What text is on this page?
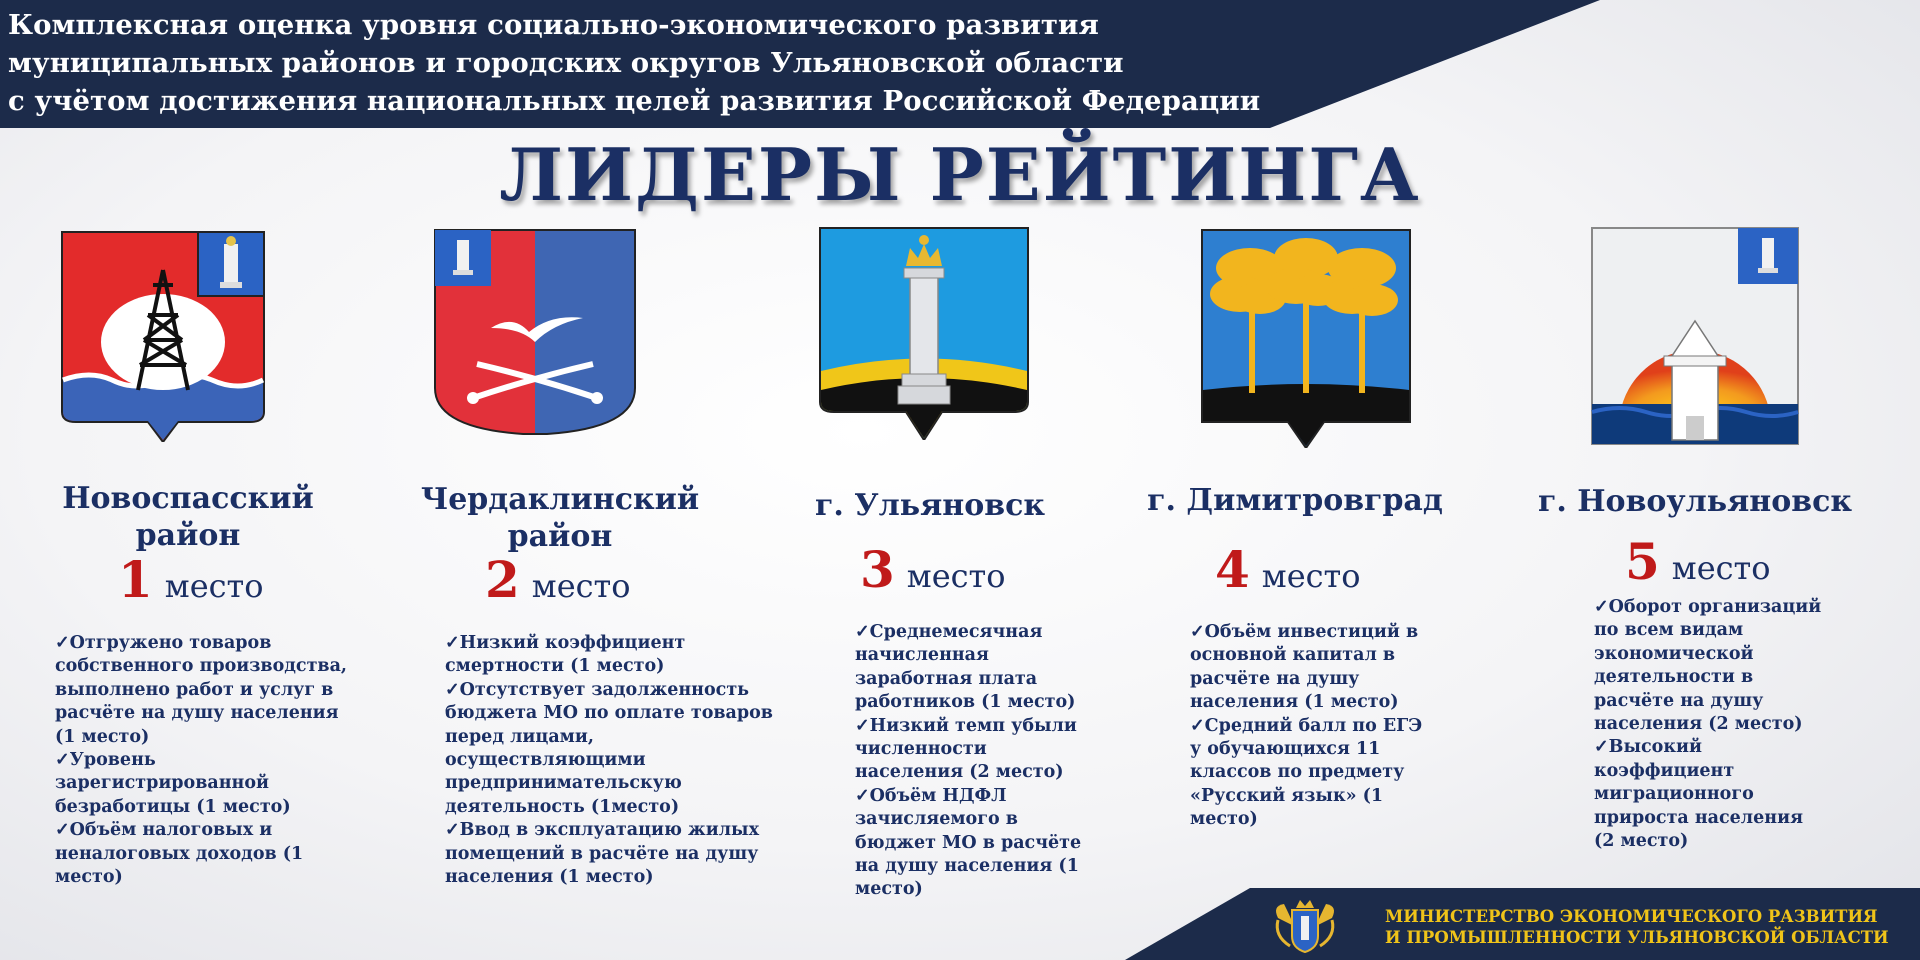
Комплексная оценка уровня социально-экономического развития
муниципальных районов и городских округов Ульяновской области
с учётом достижения национальных целей развития Российской Федерации
ЛИДЕРЫ РЕЙТИНГА
Новоспасский
район
1 место

✓Отгружено товаров собственного производства, выполнено работ и услуг в расчёте на душу населения (1 место)

✓Уровень зарегистрированной безработицы (1 место)

✓Объём налоговых и неналоговых доходов (1 место)

Чердаклинский
район
2 место

✓Низкий коэффициент смертности (1 место)

✓Отсутствует задолженность бюджета МО по оплате товаров перед лицами, осуществляющими предпринимательскую деятельность (1место)

✓Ввод в эксплуатацию жилых помещений в расчёте на душу населения (1 место)

г. Ульяновск
3 место

✓Среднемесячная начисленная заработная плата работников (1 место)

✓Низкий темп убыли численности населения (2 место)

✓Объём НДФЛ зачисляемого в бюджет МО в расчёте на душу населения (1 место)

г. Димитровград
4 место

✓Объём инвестиций в основной капитал в расчёте на душу населения (1 место)

✓Средний балл по ЕГЭ у обучающихся 11 классов по предмету «Русский язык» (1 место)

г. Новоульяновск
5 место

✓Оборот организаций по всем видам экономической деятельности в расчёте на душу населения (2 место)

✓Высокий коэффициент миграционного прироста населения (2 место)

МИНИСТЕРСТВО ЭКОНОМИЧЕСКОГО РАЗВИТИЯ
И ПРОМЫШЛЕННОСТИ УЛЬЯНОВСКОЙ ОБЛАСТИ
